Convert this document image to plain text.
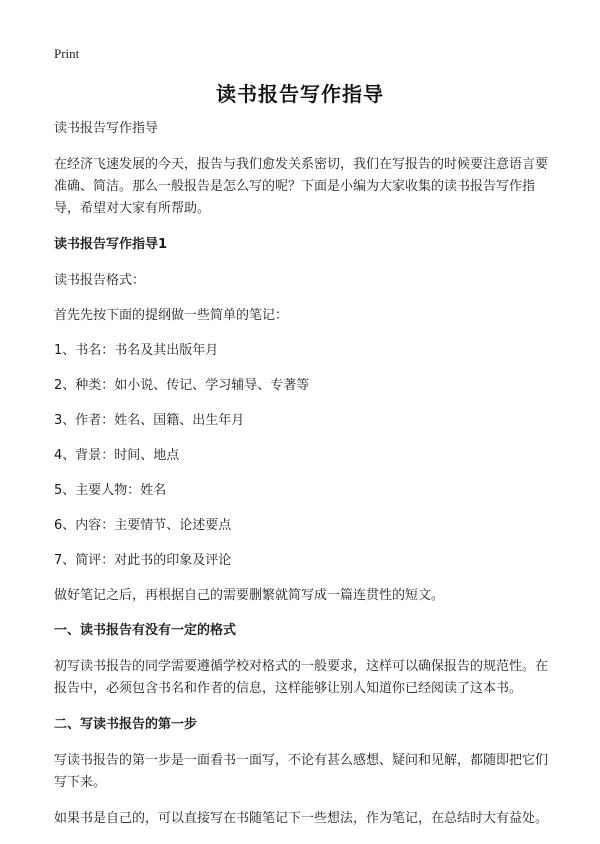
Print
读书报告写作指导

读书报告写作指导

在经济飞速发展的今天，报告与我们愈发关系密切，我们在写报告的时候要注意语言要准确、简洁。那么一般报告是怎么写的呢？下面是小编为大家收集的读书报告写作指导，希望对大家有所帮助。

读书报告写作指导1

读书报告格式：

首先先按下面的提纲做一些简单的笔记：

1、书名：书名及其出版年月

2、种类：如小说、传记、学习辅导、专著等

3、作者：姓名、国籍、出生年月

4、背景：时间、地点

5、主要人物：姓名

6、内容：主要情节、论述要点

7、简评：对此书的印象及评论

做好笔记之后，再根据自己的需要删繁就简写成一篇连贯性的短文。

一、读书报告有没有一定的格式

初写读书报告的同学需要遵循学校对格式的一般要求，这样可以确保报告的规范性。在报告中，必须包含书名和作者的信息，这样能够让别人知道你已经阅读了这本书。

二、写读书报告的第一步

写读书报告的第一步是一面看书一面写，不论有甚么感想、疑问和见解，都随即把它们写下来。

如果书是自己的，可以直接写在书随笔记下一些想法，作为笔记，在总结时大有益处。
